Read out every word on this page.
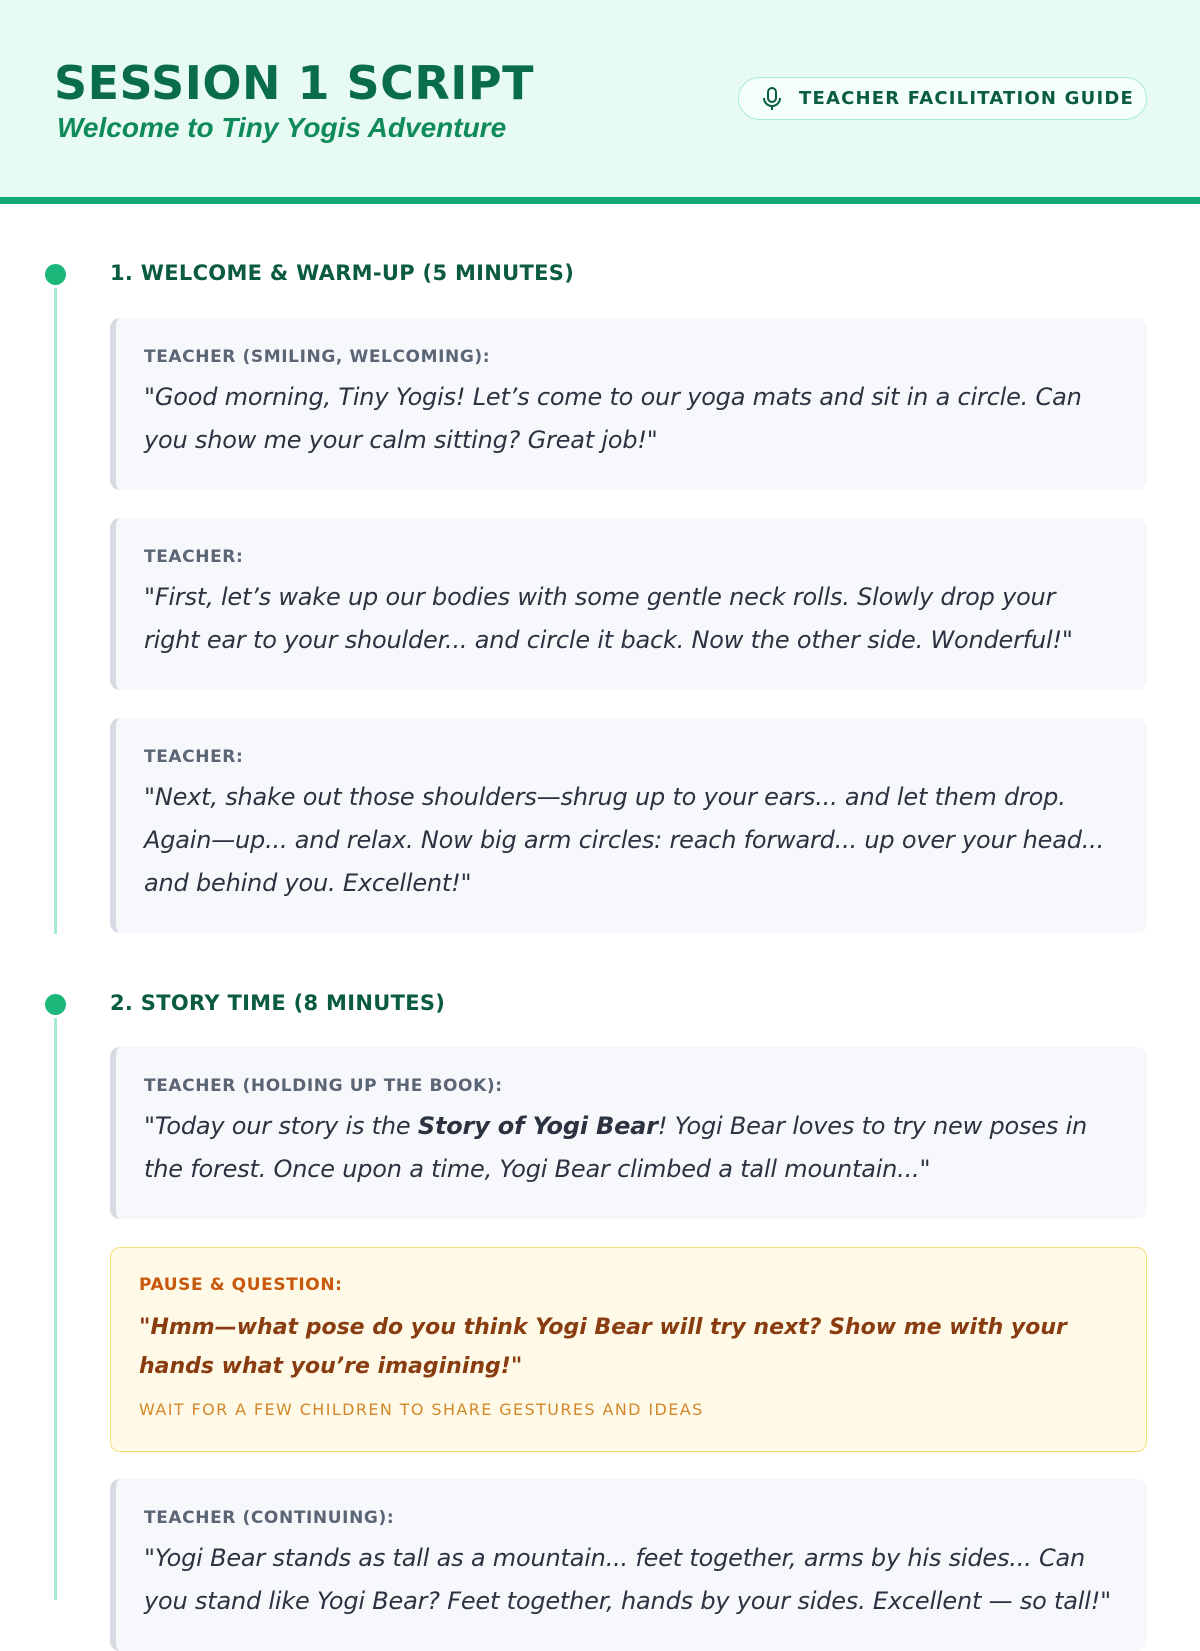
SESSION 1 SCRIPT
Welcome to Tiny Yogis Adventure
TEACHER FACILITATION GUIDE
1. WELCOME & WARM-UP (5 MINUTES)
TEACHER (SMILING, WELCOMING):
"Good morning, Tiny Yogis! Let’s come to our yoga mats and sit in a circle. Can you show me your calm sitting? Great job!"
TEACHER:
"First, let’s wake up our bodies with some gentle neck rolls. Slowly drop your right ear to your shoulder... and circle it back. Now the other side. Wonderful!"
TEACHER:
"Next, shake out those shoulders—shrug up to your ears... and let them drop. Again—up... and relax. Now big arm circles: reach forward... up over your head... and behind you. Excellent!"
2. STORY TIME (8 MINUTES)
TEACHER (HOLDING UP THE BOOK):
"Today our story is the Story of Yogi Bear! Yogi Bear loves to try new poses in the forest. Once upon a time, Yogi Bear climbed a tall mountain..."
PAUSE & QUESTION:
"Hmm—what pose do you think Yogi Bear will try next? Show me with your hands what you’re imagining!"
WAIT FOR A FEW CHILDREN TO SHARE GESTURES AND IDEAS
TEACHER (CONTINUING):
"Yogi Bear stands as tall as a mountain... feet together, arms by his sides... Can you stand like Yogi Bear? Feet together, hands by your sides. Excellent — so tall!"
